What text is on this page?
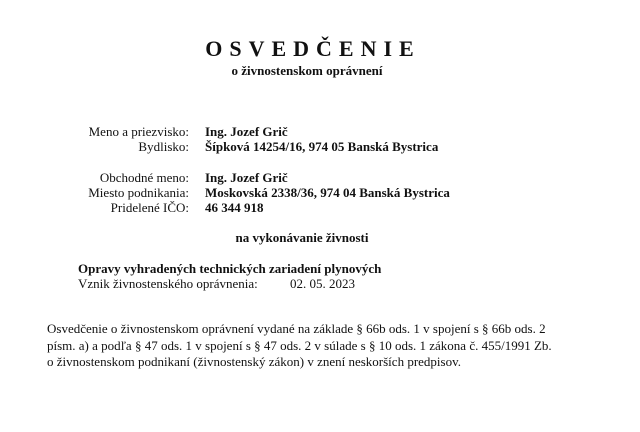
OSVEDČENIE
o živnostenskom oprávnení
Meno a priezvisko: Ing. Jozef Grič
Bydlisko: Šípková 14254/16, 974 05 Banská Bystrica
Obchodné meno: Ing. Jozef Grič
Miesto podnikania: Moskovská 2338/36, 974 04 Banská Bystrica
Pridelené IČO: 46 344 918
na vykonávanie živnosti
Opravy vyhradených technických zariadení plynových
Vznik živnostenského oprávnenia: 02. 05. 2023
Osvedčenie o živnostenskom oprávnení vydané na základe § 66b ods. 1 v spojení s § 66b ods. 2
písm. a) a podľa § 47 ods. 1 v spojení s § 47 ods. 2 v súlade s § 10 ods. 1 zákona č. 455/1991 Zb.
o živnostenskom podnikaní (živnostenský zákon) v znení neskorších predpisov.
